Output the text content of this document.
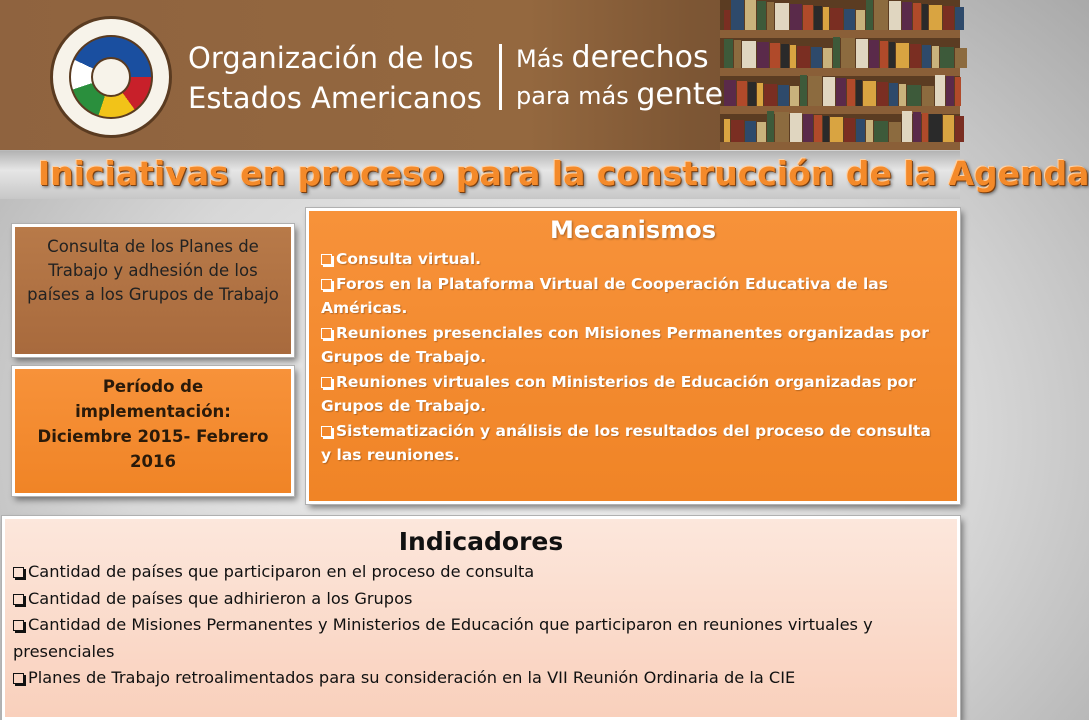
Organización de los
Estados Americanos
Más derechos
para más gente
Iniciativas en proceso para la construcción de la Agenda
Consulta de los Planes de Trabajo y adhesión de los países a los Grupos de Trabajo
Período de
implementación:
Diciembre 2015- Febrero
2016
Mecanismos
Consulta virtual.
Foros en la Plataforma Virtual de Cooperación Educativa de las Américas.
Reuniones presenciales con Misiones Permanentes organizadas por Grupos de Trabajo.
Reuniones virtuales con Ministerios de Educación organizadas por Grupos de Trabajo.
Sistematización y análisis de los resultados del proceso de consulta y las reuniones.
Indicadores
Cantidad de países que participaron en el proceso de consulta
Cantidad de países que adhirieron a los Grupos
Cantidad de Misiones Permanentes y Ministerios de Educación que participaron en reuniones virtuales y presenciales
Planes de Trabajo retroalimentados para su consideración en la VII Reunión Ordinaria de la CIE
